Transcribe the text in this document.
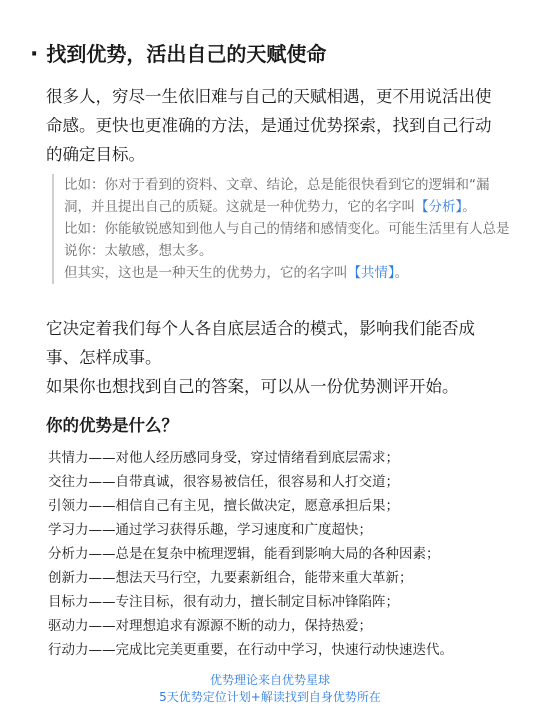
· 找到优势，活出自己的天赋使命
很多人，穷尽一生依旧难与自己的天赋相遇，更不用说活出使命感。更快也更准确的方法，是通过优势探索，找到自己行动的确定目标。

比如：你对于看到的资料、文章、结论，总是能很快看到它的逻辑和“漏洞，并且提出自己的质疑。这就是一种优势力，它的名字叫【分析】。

比如：你能敏锐感知到他人与自己的情绪和感情变化。可能生活里有人总是说你：太敏感，想太多。

但其实，这也是一种天生的优势力，它的名字叫【共情】。

它决定着我们每个人各自底层适合的模式，影响我们能否成事、怎样成事。

如果你也想找到自己的答案，可以从一份优势测评开始。

你的优势是什么？
共情力——对他人经历感同身受，穿过情绪看到底层需求；
交往力——自带真诚，很容易被信任，很容易和人打交道；
引领力——相信自己有主见，擅长做决定，愿意承担后果；
学习力——通过学习获得乐趣，学习速度和广度超快；
分析力——总是在复杂中梳理逻辑，能看到影响大局的各种因素；
创新力——想法天马行空，九要素新组合，能带来重大革新；
目标力——专注目标，很有动力，擅长制定目标冲锋陷阵；
驱动力——对理想追求有源源不断的动力，保持热爱；
行动力——完成比完美更重要，在行动中学习，快速行动快速迭代。
优势理论来自优势星球
5天优势定位计划+解读找到自身优势所在
